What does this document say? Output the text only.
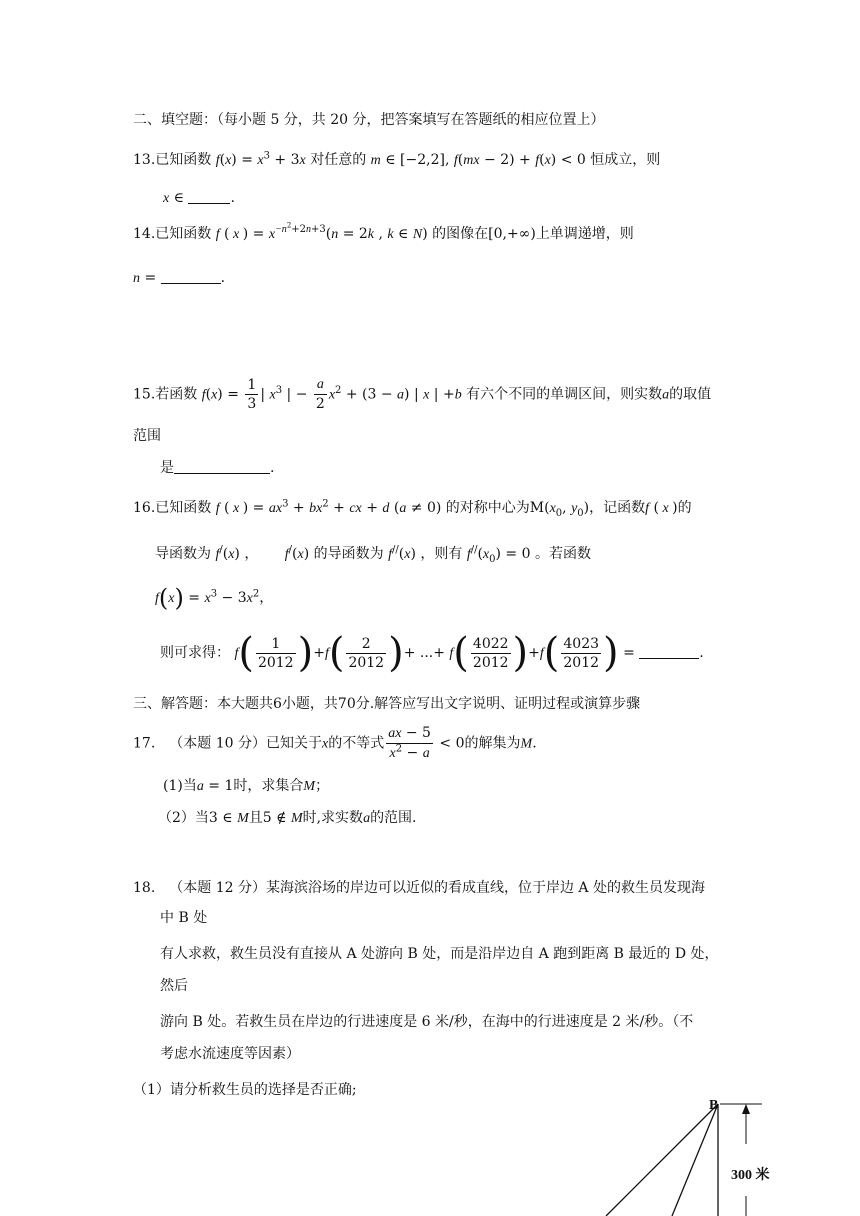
二、填空题：（每小题 5 分，共 20 分，把答案填写在答题纸的相应位置上）
13.已知函数 $f(x) = x^3 + 3x$ 对任意的 m ∈ [−2,2], f(mx − 2) + f(x) < 0 恒成立，则
x ∈	.
14.已知函数 f ( x ) = $x^{-n^2+2n+3}(n = 2k$ , k ∈ N) 的图像在[0,+∞)上单调递增，则
n =	.
15.若函数 $f(x) = \frac{1}{3}$ | $x^3$ | − $\frac{a}{2} x^2 + (3 - a)$ | x | +b 有六个不同的单调区间，则实数a的取值
范围
是	.
16.已知函数 f ( x ) = $ax^3 + bx^2$ + cx + d (a ≠ 0) 的对称中心为$M(x_0$, $y_0$)，记函数f ( x )的
导函数为 f/(x) ， f/(x) 的导函数为 f//(x) ，则有 $f^{//}(x_0) = 0$ 。若函数
$f(x) = x^3 - 3x^2$，
则可求得： $f( \frac{1}{2012} )+f( \frac{2}{2012}$ )+ ...+ $f( \frac{4022}{2012} )+f( \frac{4023}{2012}$ ) =	.
三、解答题：本大题共6小题，共70分.解答应写出文字说明、证明过程或演算步骤
17. （本题 10 分）已知关于x的不等式 $\frac{ax - 5}{x^2 - a} < 0$的解集为M.
(1)当a = 1时，求集合M；
（2）当3 ∈ M且5 ∉ M时,求实数a的范围.
18. （本题 12 分）某海滨浴场的岸边可以近似的看成直线，位于岸边 A 处的救生员发现海
中 B 处
有人求救，救生员没有直接从 A 处游向 B 处，而是沿岸边自 A 跑到距离 B 最近的 D 处，
然后
游向 B 处。若救生员在岸边的行进速度是 6 米/秒，在海中的行进速度是 2 米/秒。（不
考虑水流速度等因素）
（1）请分析救生员的选择是否正确;
B
300 米
